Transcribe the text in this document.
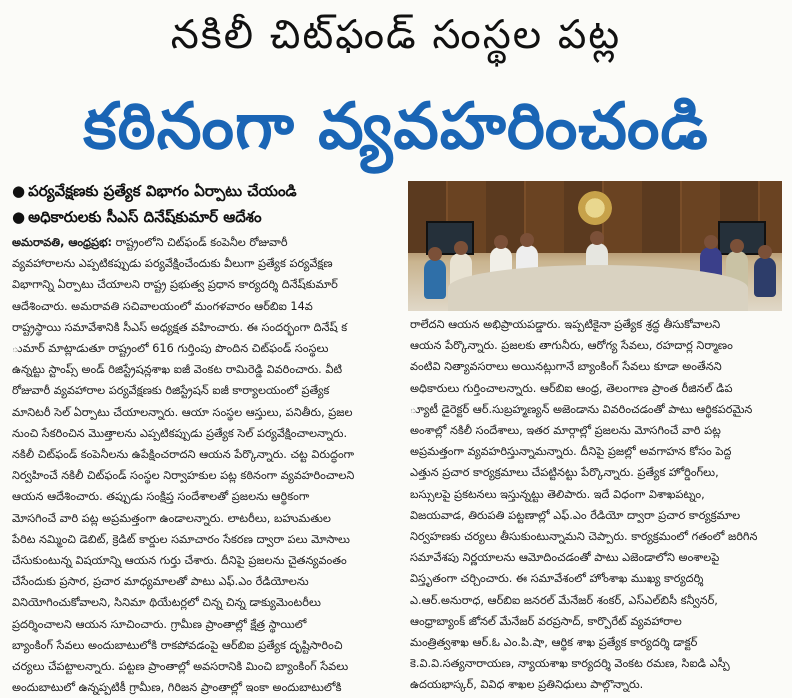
నకిలీ చిట్‌ఫండ్ సంస్థల పట్ల
కఠినంగా వ్యవహరించండి
● పర్యవేక్షణకు ప్రత్యేక విభాగం ఏర్పాటు చేయండి
● అధికారులకు సీఎస్ దినేష్‌కుమార్ ఆదేశం
అమరావతి, ఆంధ్రప్రభ: రాష్ట్రంలోని చిట్‌ఫండ్ కంపెనీల రోజువారీ
వ్యవహారాలను ఎప్పటికప్పుడు పర్యవేక్షించేందుకు వీలుగా ప్రత్యేక పర్యవేక్షణ
విభాగాన్ని ఏర్పాటు చేయాలని రాష్ట్ర ప్రభుత్వ ప్రధాన కార్యదర్శి దినేష్‌కుమార్
ఆదేశించారు. అమరావతి సచివాలయంలో మంగళవారం ఆర్‌బిఐ 14వ
రాష్ట్రస్థాయి సమావేశానికి సీఎస్ అధ్యక్షత వహించారు. ఈ సందర్భంగా దినేష్ క
ుమార్ మాట్లాడుతూ రాష్ట్రంలో 616 గుర్తింపు పొందిన చిట్‌ఫండ్ సంస్థలు
ఉన్నట్టు స్టాంప్స్ అండ్ రిజిస్ట్రేషన్లశాఖ ఐజీ వెంకట రామిరెడ్డి వివరించారు. వీటి
రోజువారీ వ్యవహారాల పర్యవేక్షణకు రిజిస్ట్రేషన్ ఐజీ కార్యాలయంలో ప్రత్యేక
మానిటరీ సెల్ ఏర్పాటు చేయాలన్నారు. ఆయా సంస్థల ఆస్తులు, పనితీరు, ప్రజల
నుంచి సేకరించిన మొత్తాలను ఎప్పటికప్పుడు ప్రత్యేక సెల్ పర్యవేక్షించాలన్నారు.
నకిలీ చిట్‌ఫండ్ కంపెనీలను ఉపేక్షించరాదని ఆయన పేర్కొన్నారు. చట్ట విరుద్ధంగా
నిర్వహించే నకిలీ చిట్‌ఫండ్ సంస్థల నిర్వాహకుల పట్ల కఠినంగా వ్యవహరించాలని
ఆయన ఆదేశించారు. తప్పుడు సంక్షిప్త సందేశాలతో ప్రజలను ఆర్థికంగా
మోసగించే వారి పట్ల అప్రమత్తంగా ఉండాలన్నారు. లాటరీలు, బహుమతుల
పేరిట నమ్మించి డెబిట్, క్రెడిట్ కార్డుల సమాచారం సేకరణ ద్వారా పలు మోసాలు
చేసుకుంటున్న విషయాన్ని ఆయన గుర్తు చేశారు. దీనిపై ప్రజలను చైతన్యవంతం
చేసేందుకు ప్రసార, ప్రచార మాధ్యమాలతో పాటు ఎఫ్.ఎం రేడియోలను
వినియోగించుకోవాలని, సినిమా థియేటర్లలో చిన్న చిన్న డాక్యుమెంటరీలు
ప్రదర్శించాలని ఆయన సూచించారు. గ్రామీణ ప్రాంతాల్లో క్షేత్ర స్థాయిలో
బ్యాంకింగ్ సేవలు అందుబాటులోకి రాకపోవడంపై ఆర్‌బిఐ ప్రత్యేక దృష్టిసారించి
చర్యలు చేపట్టాలన్నారు. పట్టణ ప్రాంతాల్లో అవసరానికి మించి బ్యాంకింగ్ సేవలు
అందుబాటులో ఉన్నప్పటికీ గ్రామీణ, గిరిజన ప్రాంతాల్లో ఇంకా అందుబాటులోకి
రాలేదని ఆయన అభిప్రాయపడ్డారు. ఇప్పటికైనా ప్రత్యేక శ్రద్ధ తీసుకోవాలని
ఆయన పేర్కొన్నారు. ప్రజలకు తాగునీరు, ఆరోగ్య సేవలు, రహదార్ల నిర్మాణం
వంటివి నిత్యావసరాలు అయినట్లుగానే బ్యాంకింగ్ సేవలు కూడా అంతేనని
అధికారులు గుర్తించాలన్నారు. ఆర్‌బిఐ ఆంధ్ర, తెలంగాణ ప్రాంత రీజినల్ డిప
్యూటీ డైరెక్టర్ ఆర్.సుబ్రహ్మణ్యన్ అజెండాను వివరించడంతో పాటు ఆర్థికపరమైన
అంశాల్లో నకిలీ సందేశాలు, ఇతర మార్గాల్లో ప్రజలను మోసగించే వారి పట్ల
అప్రమత్తంగా వ్యవహరిస్తున్నామన్నారు. దీనిపై ప్రజల్లో అవగాహన కోసం పెద్ద
ఎత్తున ప్రచార కార్యక్రమాలు చేపట్టినట్టు పేర్కొన్నారు. ప్రత్యేక హోర్డింగ్‌లు,
బస్సులపై ప్రకటనలు ఇస్తున్నట్టు తెలిపారు. ఇదే విధంగా విశాఖపట్నం,
విజయవాడ, తిరుపతి పట్టణాల్లో ఎఫ్.ఎం రేడియో ద్వారా ప్రచార కార్యక్రమాల
నిర్వహణకు చర్యలు తీసుకుంటున్నామని చెప్పారు. కార్యక్రమంలో గతంలో జరిగిన
సమావేశపు నిర్ణయాలను ఆమోదించడంతో పాటు ఎజెండాలోని అంశాలపై
విస్తృతంగా చర్చించారు. ఈ సమావేశంలో హోంశాఖ ముఖ్య కార్యదర్శి
ఎ.ఆర్.అనురాధ, ఆర్‌బిఐ జనరల్ మేనేజర్ శంకర్, ఎస్ఎల్‌బిసీ కన్వీనర్,
ఆంధ్రాబ్యాంక్ జోనల్ మేనేజర్ వరప్రసాద్, కార్పొరేట్ వ్యవహారాల
మంత్రిత్వశాఖ ఆర్.ఓ ఎం.పి.షా, ఆర్థిక శాఖ ప్రత్యేక కార్యదర్శి డాక్టర్
కె.వి.వి.సత్యనారాయణ, న్యాయశాఖ కార్యదర్శి వెంకట రమణ, సిఐడి ఎస్పీ
ఉదయభాస్కర్, వివిధ శాఖల ప్రతినిధులు పాల్గొన్నారు.
